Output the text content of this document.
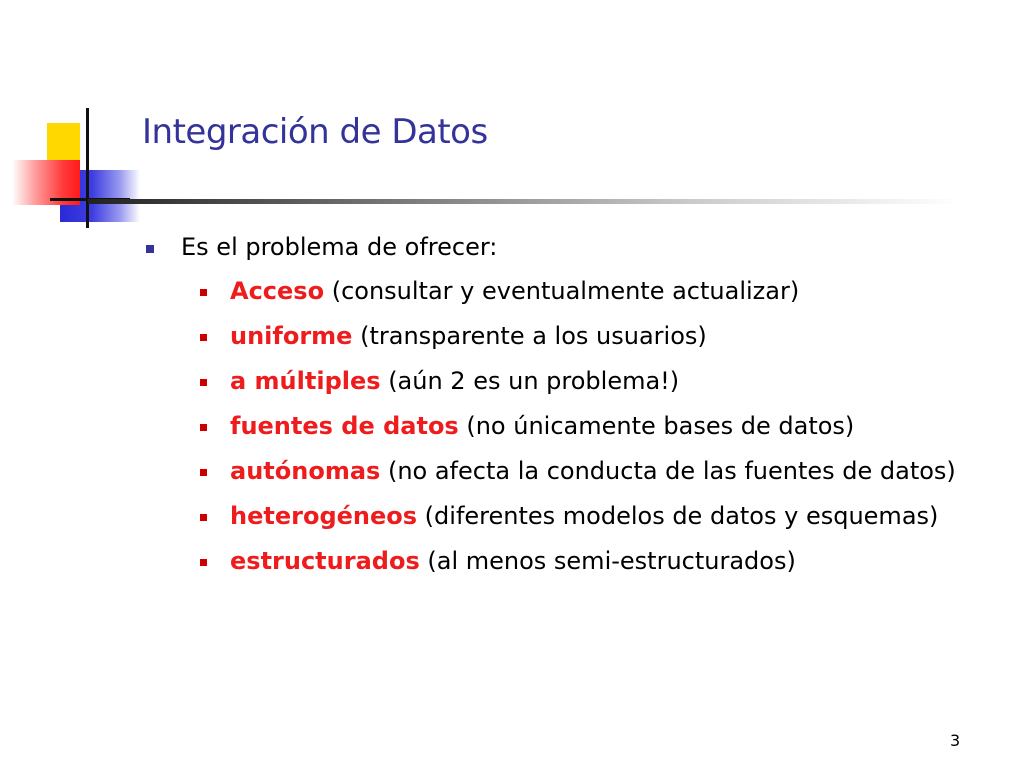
Integración de Datos
Es el problema de ofrecer:
Acceso (consultar y eventualmente actualizar)
uniforme (transparente a los usuarios)
a múltiples (aún 2 es un problema!)
fuentes de datos (no únicamente bases de datos)
autónomas (no afecta la conducta de las fuentes de datos)
heterogéneos (diferentes modelos de datos y esquemas)
estructurados (al menos semi-estructurados)
3
